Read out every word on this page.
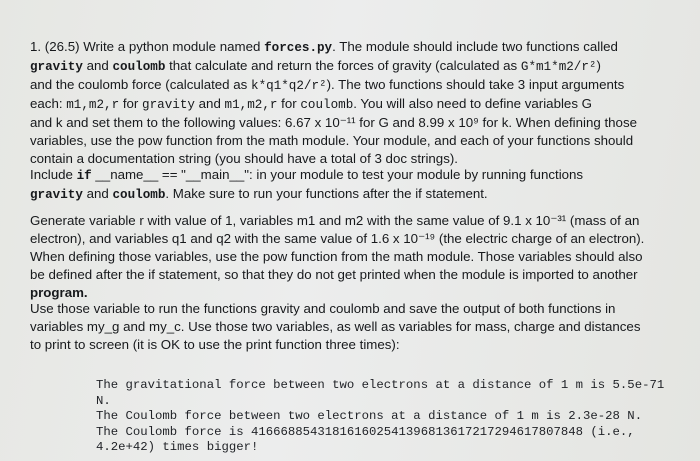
1. (26.5) Write a python module named forces.py. The module should include two functions called
gravity and coulomb that calculate and return the forces of gravity (calculated as G*m1*m2/r²)
and the coulomb force (calculated as k*q1*q2/r²). The two functions should take 3 input arguments
each: m1,m2,r for gravity and m1,m2,r for coulomb. You will also need to define variables G
and k and set them to the following values: 6.67 x 10⁻¹¹ for G and 8.99 x 10⁹ for k. When defining those
variables, use the pow function from the math module. Your module, and each of your functions should
contain a documentation string (you should have a total of 3 doc strings).
Include if __name__ == "__main__": in your module to test your module by running functions
gravity and coulomb. Make sure to run your functions after the if statement.
Generate variable r with value of 1, variables m1 and m2 with the same value of 9.1 x 10⁻³¹ (mass of an
electron), and variables q1 and q2 with the same value of 1.6 x 10⁻¹⁹ (the electric charge of an electron).
When defining those variables, use the pow function from the math module. Those variables should also
be defined after the if statement, so that they do not get printed when the module is imported to another
program.
Use those variable to run the functions gravity and coulomb and save the output of both functions in
variables my_g and my_c. Use those two variables, as well as variables for mass, charge and distances
to print to screen (it is OK to use the print function three times):
The gravitational force between two electrons at a distance of 1 m is 5.5e-71
N.
The Coulomb force between two electrons at a distance of 1 m is 2.3e-28 N.
The Coulomb force is 416668854318161602541396813617217294617807848 (i.e.,
4.2e+42) times bigger!
